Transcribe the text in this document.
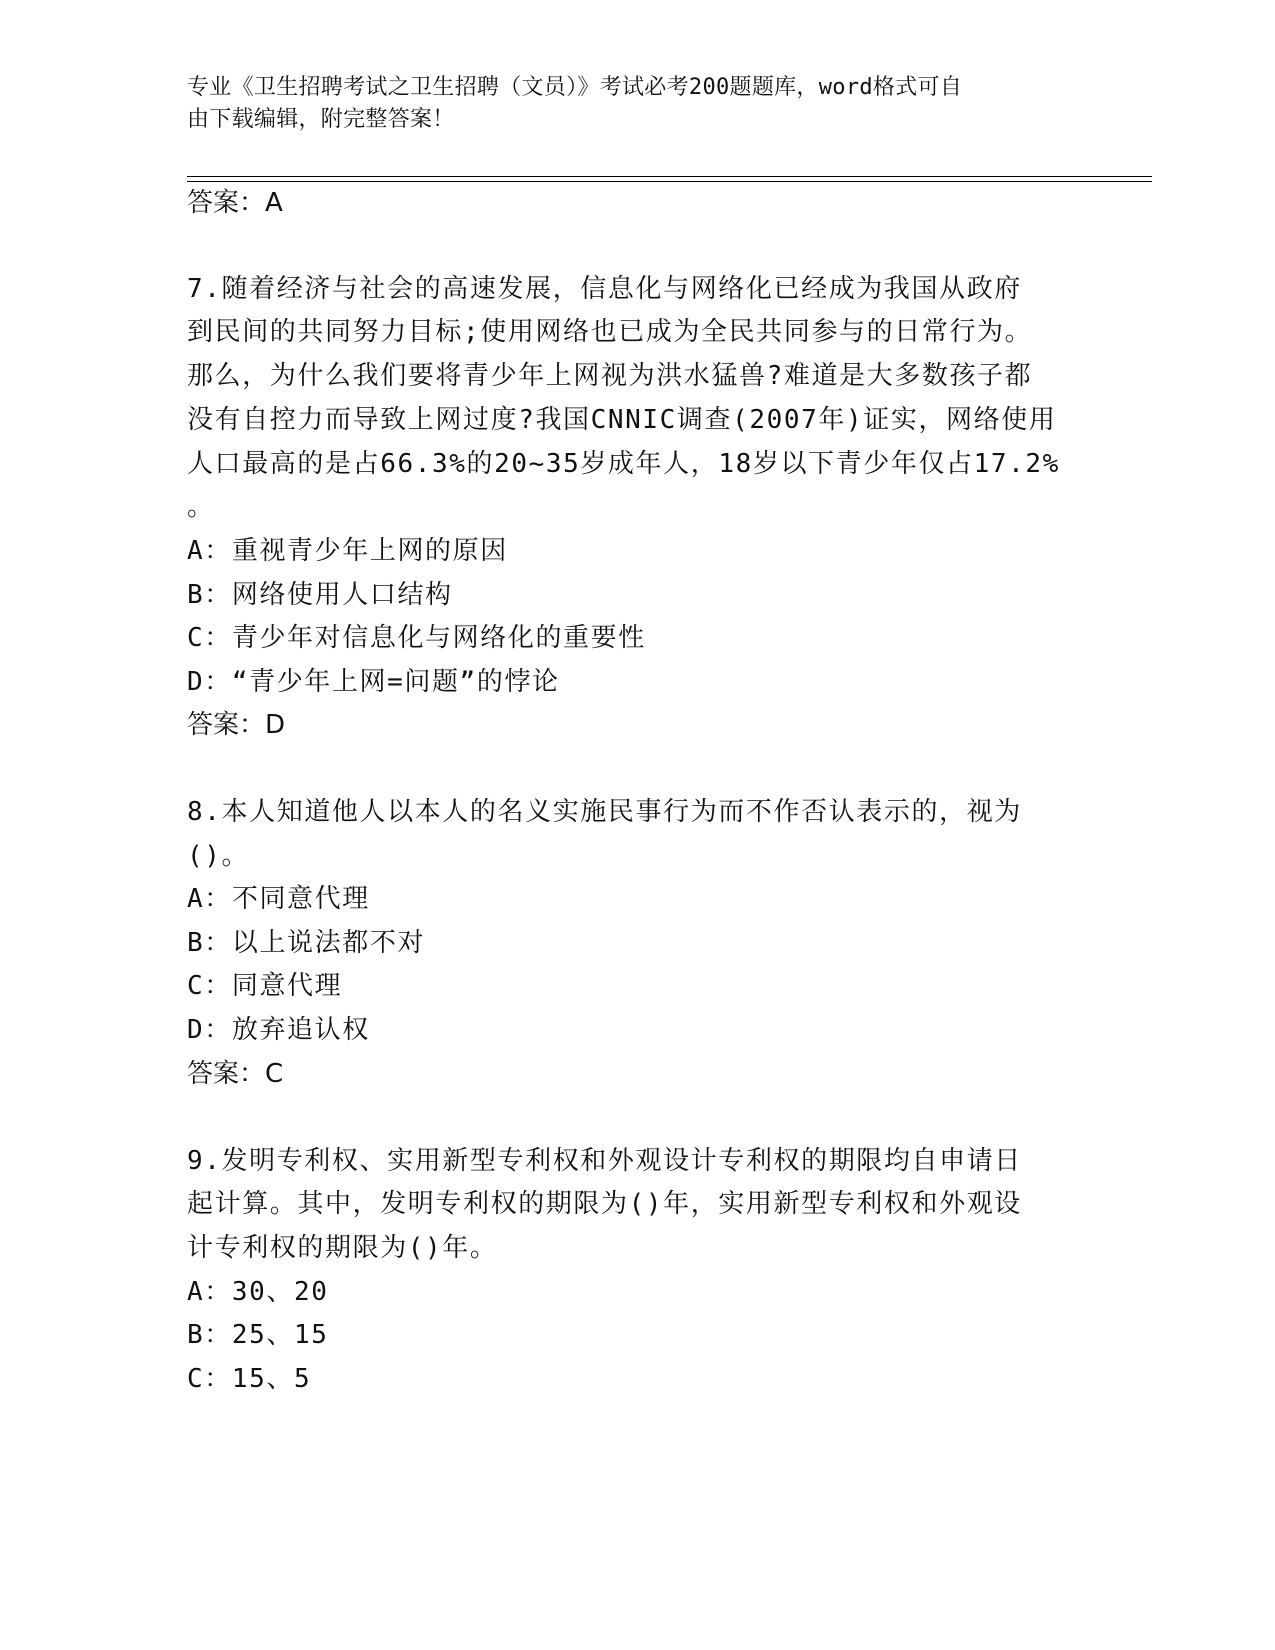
专业《卫生招聘考试之卫生招聘（文员）》考试必考200题题库，word格式可自
由下载编辑，附完整答案！
答案：A
7.随着经济与社会的高速发展，信息化与网络化已经成为我国从政府
到民间的共同努力目标;使用网络也已成为全民共同参与的日常行为。
那么，为什么我们要将青少年上网视为洪水猛兽?难道是大多数孩子都
没有自控力而导致上网过度?我国CNNIC调查(2007年)证实，网络使用
人口最高的是占66.3%的20~35岁成年人，18岁以下青少年仅占17.2%
。
A：重视青少年上网的原因
B：网络使用人口结构
C：青少年对信息化与网络化的重要性
D：“青少年上网=问题”的悖论
答案：D
8.本人知道他人以本人的名义实施民事行为而不作否认表示的，视为
()。
A：不同意代理
B：以上说法都不对
C：同意代理
D：放弃追认权
答案：C
9.发明专利权、实用新型专利权和外观设计专利权的期限均自申请日
起计算。其中，发明专利权的期限为()年，实用新型专利权和外观设
计专利权的期限为()年。
A：30、20
B：25、15
C：15、5
